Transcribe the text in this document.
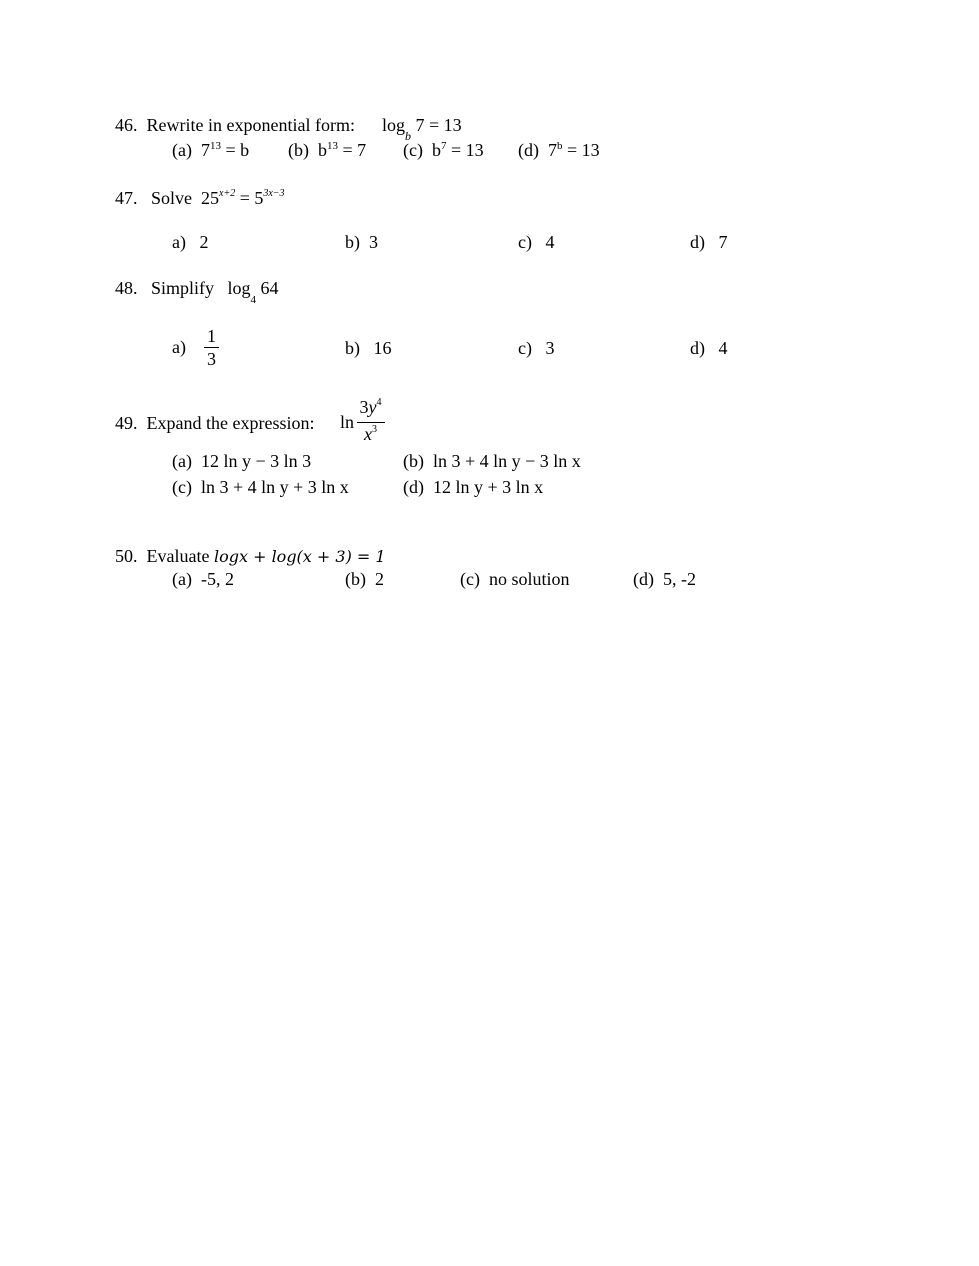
46. Rewrite in exponential form: $\log_b 7 = 13$
(a) $7^{13} = b$ (b) $b^{13} = 7$ (c) $b^7 = 13$ (d) $7^b = 13$
47. Solve $25^{x+2} = 5^{3x-3}$
a) 2	b) 3	c) 4	d) 7
48. Simplify $\log_4 64$
$a) \frac{1}{3}$	b) 16	c) 3	d) 4
49. Expand the expression: $\ln \frac{3y^4}{x^3}$
(a) 12 ln y − 3 ln 3	(b) ln 3 + 4 ln y − 3 ln x
(c) ln 3 + 4 ln y + 3 ln x	(d) 12 ln y + 3 ln x
50. Evaluate logx + log(x + 3) = 1
(a) -5, 2	(b) 2	(c) no solution	(d) 5, -2
